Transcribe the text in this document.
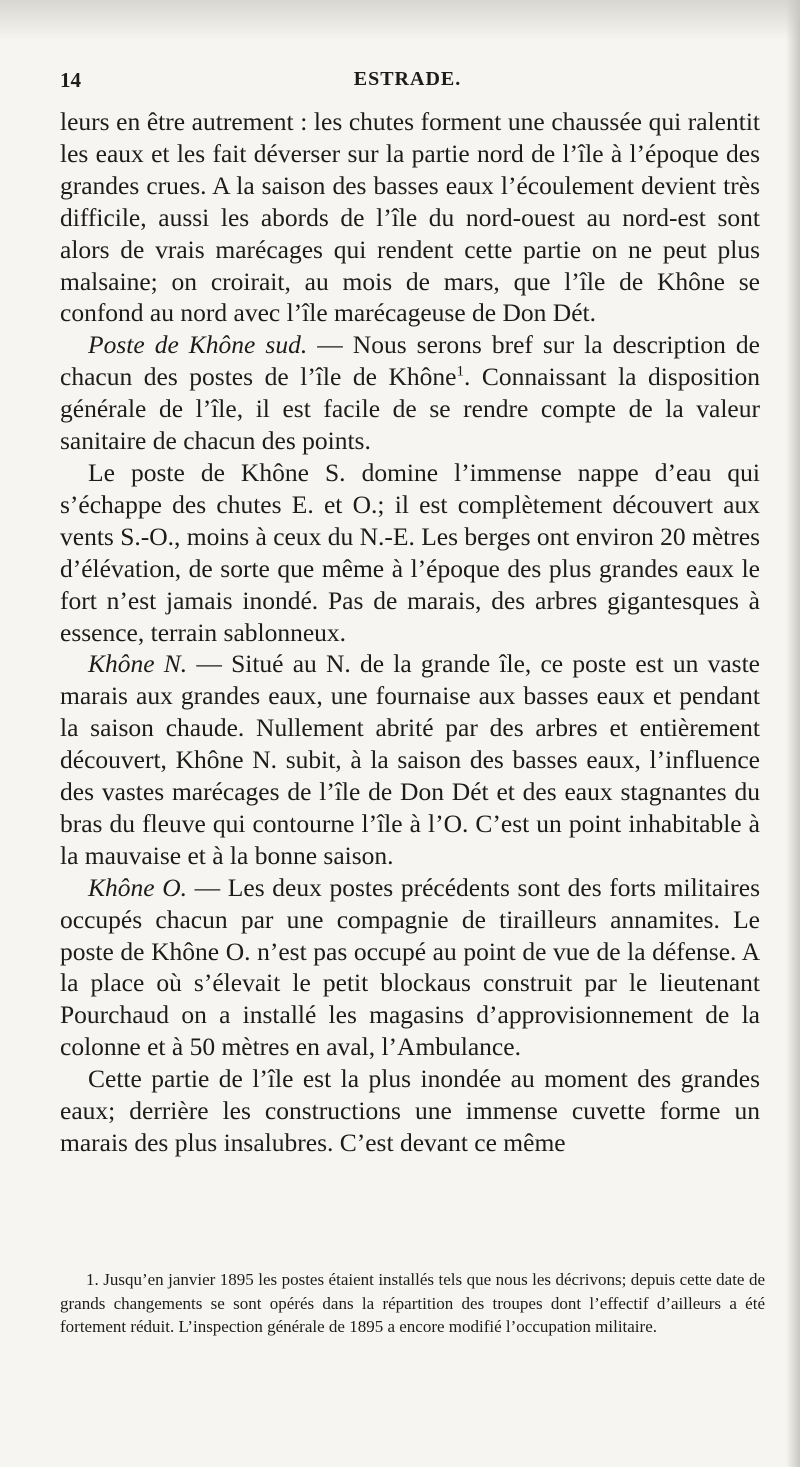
14	ESTRADE.

leurs en être autrement : les chutes forment une chaussée qui ralentit les eaux et les fait déverser sur la partie nord de l’île à l’époque des grandes crues. A la saison des basses eaux l’écoulement devient très difficile, aussi les abords de l’île du nord-ouest au nord-est sont alors de vrais marécages qui rendent cette partie on ne peut plus malsaine; on croirait, au mois de mars, que l’île de Khône se confond au nord avec l’île marécageuse de Don Dét.

Poste de Khône sud. — Nous serons bref sur la description de chacun des postes de l’île de Khône$^1$. Connaissant la disposition générale de l’île, il est facile de se rendre compte de la valeur sanitaire de chacun des points.

Le poste de Khône S. domine l’immense nappe d’eau qui s’échappe des chutes E. et O.; il est complètement découvert aux vents S.-O., moins à ceux du N.-E. Les berges ont environ 20 mètres d’élévation, de sorte que même à l’époque des plus grandes eaux le fort n’est jamais inondé. Pas de marais, des arbres gigantesques à essence, terrain sablonneux.

Khône N. — Situé au N. de la grande île, ce poste est un vaste marais aux grandes eaux, une fournaise aux basses eaux et pendant la saison chaude. Nullement abrité par des arbres et entièrement découvert, Khône N. subit, à la saison des basses eaux, l’influence des vastes marécages de l’île de Don Dét et des eaux stagnantes du bras du fleuve qui contourne l’île à l’O. C’est un point inhabitable à la mauvaise et à la bonne saison.

Khône O. — Les deux postes précédents sont des forts militaires occupés chacun par une compagnie de tirailleurs annamites. Le poste de Khône O. n’est pas occupé au point de vue de la défense. A la place où s’élevait le petit blockaus construit par le lieutenant Pourchaud on a installé les magasins d’approvisionnement de la colonne et à 50 mètres en aval, l’Ambulance.

Cette partie de l’île est la plus inondée au moment des grandes eaux; derrière les constructions une immense cuvette forme un marais des plus insalubres. C’est devant ce même

1. Jusqu’en janvier 1895 les postes étaient installés tels que nous les décrivons; depuis cette date de grands changements se sont opérés dans la répartition des troupes dont l’effectif d’ailleurs a été fortement réduit. L’inspection générale de 1895 a encore modifié l’occupation militaire.
